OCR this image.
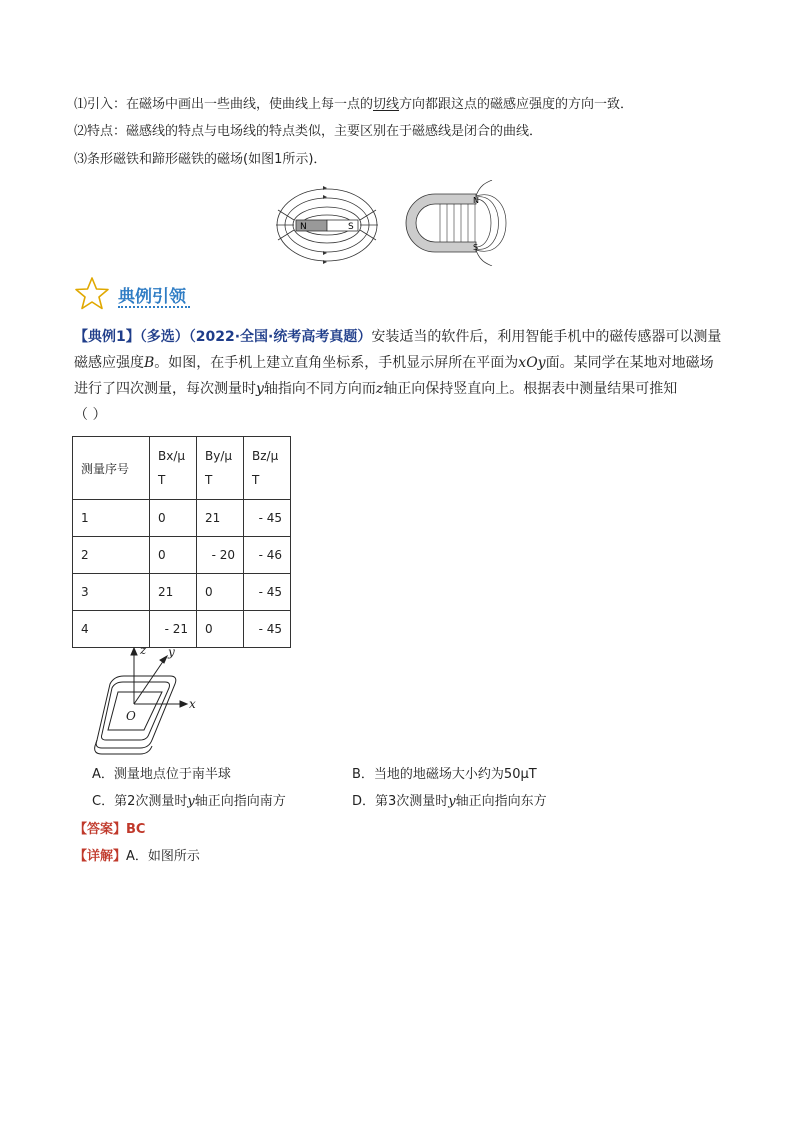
⑴引入：在磁场中画出一些曲线，使曲线上每一点的切线方向都跟这点的磁感应强度的方向一致．
⑵特点：磁感线的特点与电场线的特点类似，主要区别在于磁感线是闭合的曲线．
⑶条形磁铁和蹄形磁铁的磁场(如图1所示)．
N	S
N
S
典例引领
【典例1】（多选）（2022·全国·统考高考真题）安装适当的软件后，利用智能手机中的磁传感器可以测量
磁感应强度B。如图，在手机上建立直角坐标系，手机显示屏所在平面为xOy面。某同学在某地对地磁场
进行了四次测量，每次测量时y轴指向不同方向而z轴正向保持竖直向上。根据表中测量结果可推知
（ ）
测量序号	Bx/μT	By/μT	Bz/μT
1	0	21	- 45
2	0	- 20	- 46
3	21	0	- 45
4	- 21	0	- 45
z y
x
O
A．测量地点位于南半球	B．当地的地磁场大小约为50μT
C．第2次测量时y轴正向指向南方	D．第3次测量时y轴正向指向东方
【答案】BC
【详解】A．如图所示
